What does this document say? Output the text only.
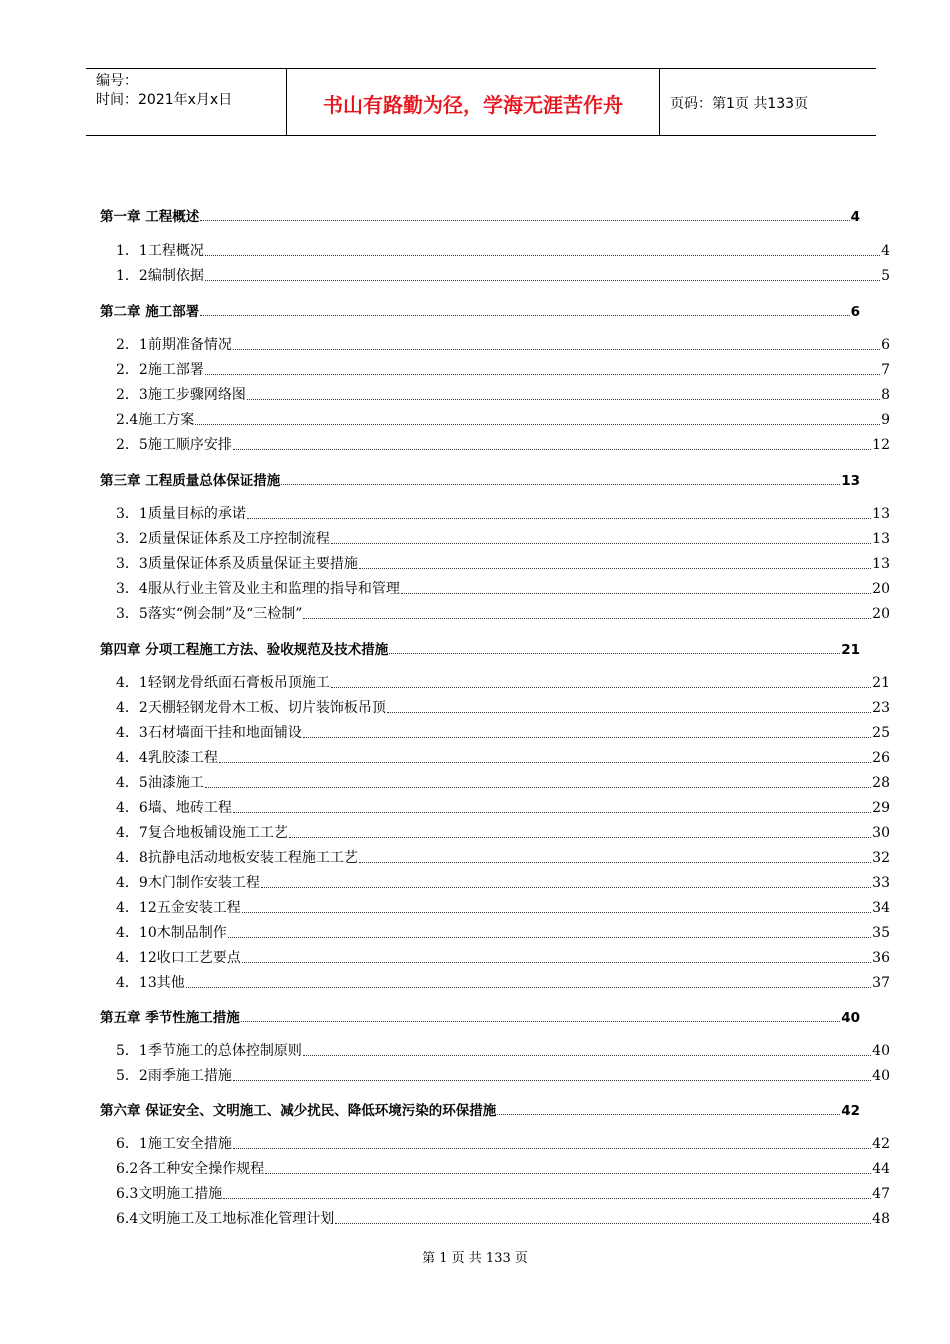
编号：
时间：2021年x月x日	书山有路勤为径，学海无涯苦作舟	页码：第1页 共133页
第一章 工程概述	4
1．1工程概况	4
1．2编制依据	5
第二章 施工部署	6
2．1前期准备情况	6
2．2施工部署	7
2．3施工步骤网络图	8
2.4施工方案	9
2．5施工顺序安排	12
第三章 工程质量总体保证措施	13
3．1质量目标的承诺	13
3．2质量保证体系及工序控制流程	13
3．3质量保证体系及质量保证主要措施	13
3．4服从行业主管及业主和监理的指导和管理	20
3．5落实“例会制”及“三检制”	20
第四章 分项工程施工方法、验收规范及技术措施	21
4．1轻钢龙骨纸面石膏板吊顶施工	21
4．2天棚轻钢龙骨木工板、切片装饰板吊顶	23
4．3石材墙面干挂和地面铺设	25
4．4乳胶漆工程	26
4．5油漆施工	28
4．6墙、地砖工程	29
4．7复合地板铺设施工工艺	30
4．8抗静电活动地板安装工程施工工艺	32
4．9木门制作安装工程	33
4．12五金安装工程	34
4．10木制品制作	35
4．12收口工艺要点	36
4．13其他	37
第五章 季节性施工措施	40
5．1季节施工的总体控制原则	40
5．2雨季施工措施	40
第六章 保证安全、文明施工、减少扰民、降低环境污染的环保措施	42
6．1施工安全措施	42
6.2各工种安全操作规程	44
6.3文明施工措施	47
6.4文明施工及工地标准化管理计划	48
第 1 页 共 133 页
